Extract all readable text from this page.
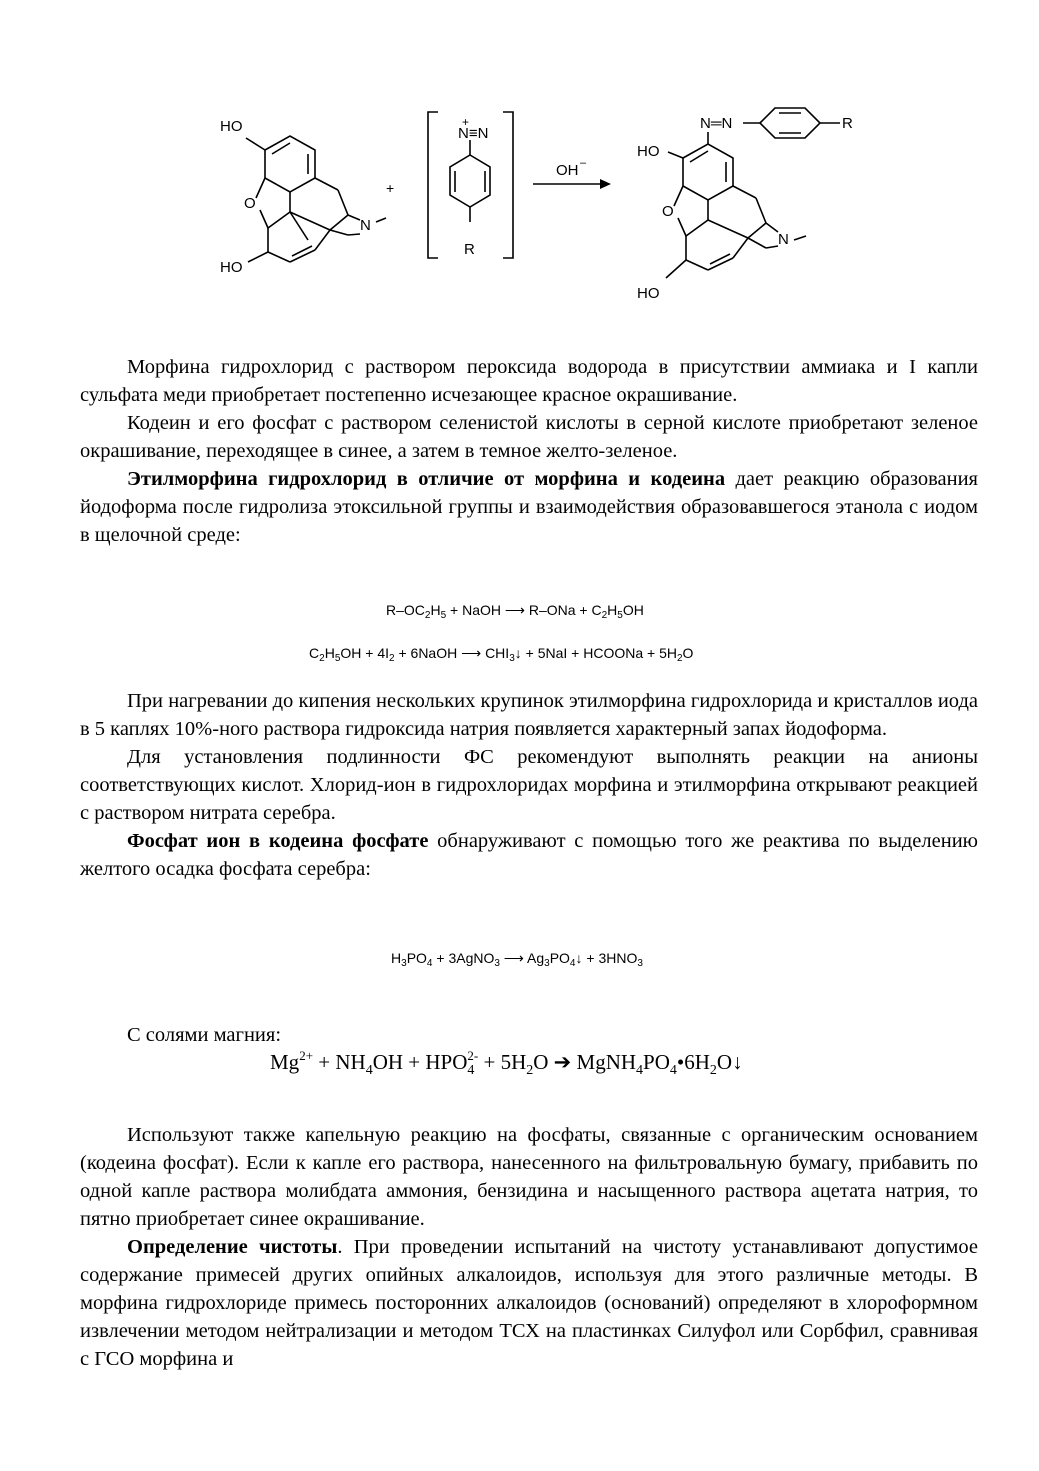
HO
O
N
HO
+
+
N≡N
R
OH –
N═N	R
HO
O
N
HO

Морфина гидрохлорид с раствором пероксида водорода в присутствии аммиака и I капли сульфата меди приобретает постепенно исчезающее красное окрашивание.

Кодеин и его фосфат с раствором селенистой кислоты в серной кислоте приобретают зеленое окрашивание, переходящее в синее, а затем в темное желто-зеленое.

Этилморфина гидрохлорид в отличие от морфина и кодеина дает реакцию образования йодоформа после гидролиза этоксильной группы и взаимодействия образовавшегося этанола с иодом в щелочной среде:

$R-OC_2H_5$ + NaOH ⟶ $R-ONa + C_2H_5OH$
$C_2H_5OH + 4I_2$ + 6NaOH ⟶ $CHI_3↓ + 5NaI$ + HCOONa + $5H_2O$

При нагревании до кипения нескольких крупинок этилморфина гидрохлорида и кристаллов иода в 5 каплях 10%-ного раствора гидроксида натрия появляется характерный запах йодоформа.

Для установления подлинности ФС рекомендуют выполнять реакции на анионы соответствующих кислот. Хлорид-ион в гидрохлоридах морфина и этилморфина открывают реакцией с раствором нитрата серебра.

Фосфат ион в кодеина фосфате обнаруживают с помощью того же реактива по выделению желтого осадка фосфата серебра:

$H_3PO_4$ + 3AgNO$_3$ ⟶ $Ag_3PO_4↓ + 3HNO_3$

С солями магния:

$Mg^{2+} + NH_4OH + HPO_4^{2-} + 5H_2O$ ➔ $MgNH_4PO_4•6H_2O↓$

Используют также капельную реакцию на фосфаты, связанные с органическим основанием (кодеина фосфат). Если к капле его раствора, нанесенного на фильтровальную бумагу, прибавить по одной капле раствора молибдата аммония, бензидина и насыщенного раствора ацетата натрия, то пятно приобретает синее окрашивание.

Определение чистоты. При проведении испытаний на чистоту устанавливают допустимое содержание примесей других опийных алкалоидов, используя для этого различные методы. В морфина гидрохлориде примесь посторонних алкалоидов (оснований) определяют в хлороформном извлечении методом нейтрализации и методом ТСХ на пластинках Силуфол или Сорбфил, сравнивая с ГСО морфина и
